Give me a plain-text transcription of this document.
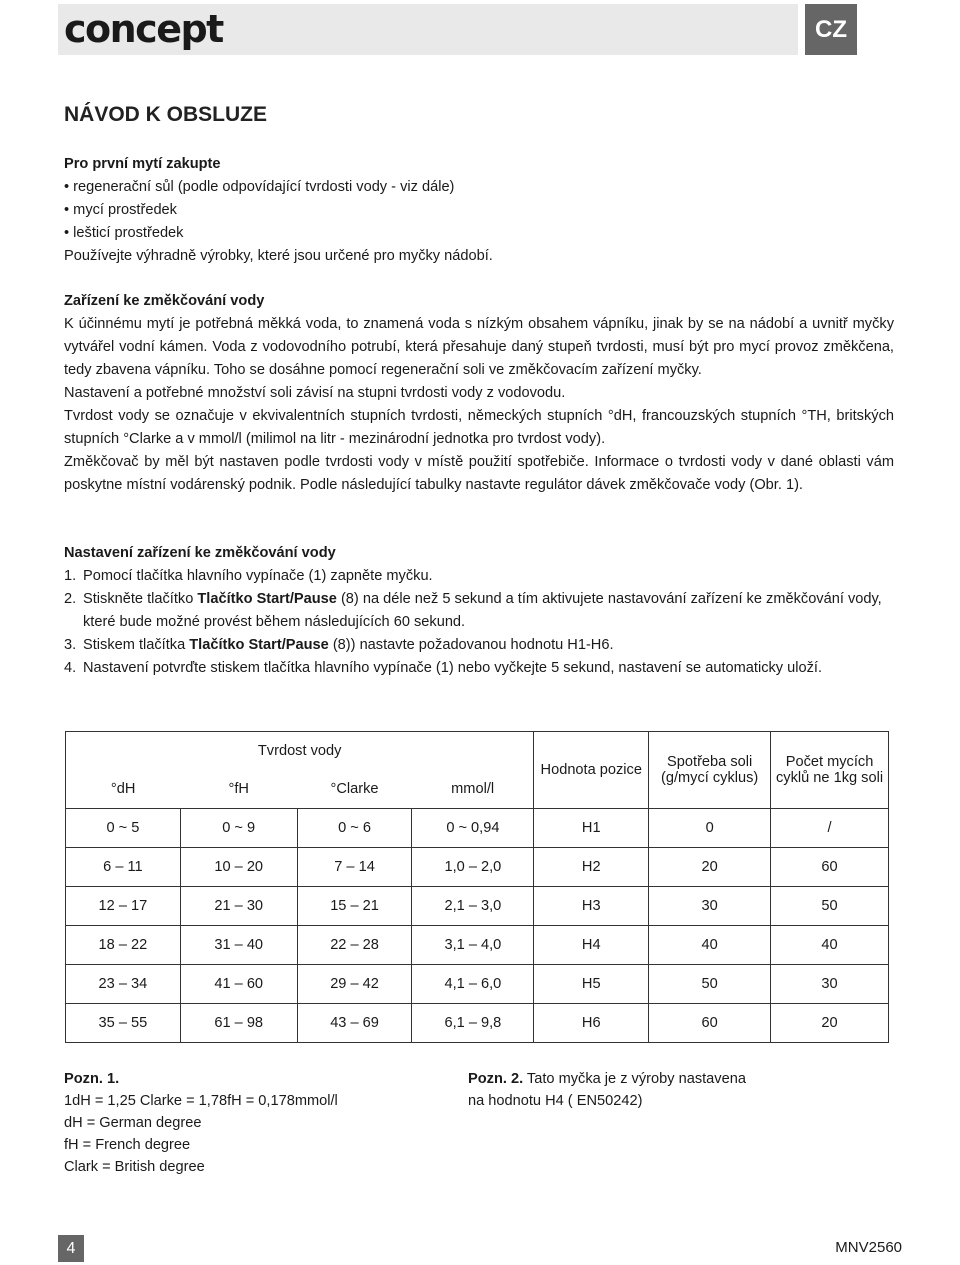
concept	CZ
NÁVOD K OBSLUZE

Pro první mytí zakupte

• regenerační sůl (podle odpovídající tvrdosti vody - viz dále)

• mycí prostředek

• lešticí prostředek

Používejte výhradně výrobky, které jsou určené pro myčky nádobí.

Zařízení ke změkčování vody

K účinnému mytí je potřebná měkká voda, to znamená voda s nízkým obsahem vápníku, jinak by se na nádobí a uvnitř myčky vytvářel vodní kámen. Voda z vodovodního potrubí, která přesahuje daný stupeň tvrdosti, musí být pro mycí provoz změkčena, tedy zbavena vápníku. Toho se dosáhne pomocí regenerační soli ve změkčovacím zařízení myčky.

Nastavení a potřebné množství soli závisí na stupni tvrdosti vody z vodovodu.

Tvrdost vody se označuje v ekvivalentních stupních tvrdosti, německých stupních °dH, francouzských stupních °TH, britských stupních °Clarke a v mmol/l (milimol na litr - mezinárodní jednotka pro tvrdost vody).

Změkčovač by měl být nastaven podle tvrdosti vody v místě použití spotřebiče. Informace o tvrdosti vody v dané oblasti vám poskytne místní vodárenský podnik. Podle následující tabulky nastavte regulátor dávek změkčovače vody (Obr. 1).

Nastavení zařízení ke změkčování vody

1. Pomocí tlačítka hlavního vypínače (1) zapněte myčku.
2. Stiskněte tlačítko Tlačítko Start/Pause (8) na déle než 5 sekund a tím aktivujete nastavování zařízení ke změkčování vody, které bude možné provést během následujících 60 sekund.
3. Stiskem tlačítka Tlačítko Start/Pause (8)) nastavte požadovanou hodnotu H1-H6.
4. Nastavení potvrďte stiskem tlačítka hlavního vypínače (1) nebo vyčkejte 5 sekund, nastavení se automaticky uloží.
Tvrdost vody				Hodnota pozice	Spotřeba soli (g/mycí cyklus)	Počet mycích cyklů ne 1kg soli
°dH	°fH	°Clarke	mmol/l			
0 ~ 5	0 ~ 9	0 ~ 6	0 ~ 0,94	H1	0	/
6 – 11	10 – 20	7 – 14	1,0 – 2,0	H2	20	60
12 – 17	21 – 30	15 – 21	2,1 – 3,0	H3	30	50
18 – 22	31 – 40	22 – 28	3,1 – 4,0	H4	40	40
23 – 34	41 – 60	29 – 42	4,1 – 6,0	H5	50	30
35 – 55	61 – 98	43 – 69	6,1 – 9,8	H6	60	20

Pozn. 1.

1dH = 1,25 Clarke = 1,78fH = 0,178mmol/l

dH = German degree

fH = French degree

Clark = British degree

Pozn. 2. Tato myčka je z výroby nastavena

na hodnotu H4 ( EN50242)

4	MNV2560
